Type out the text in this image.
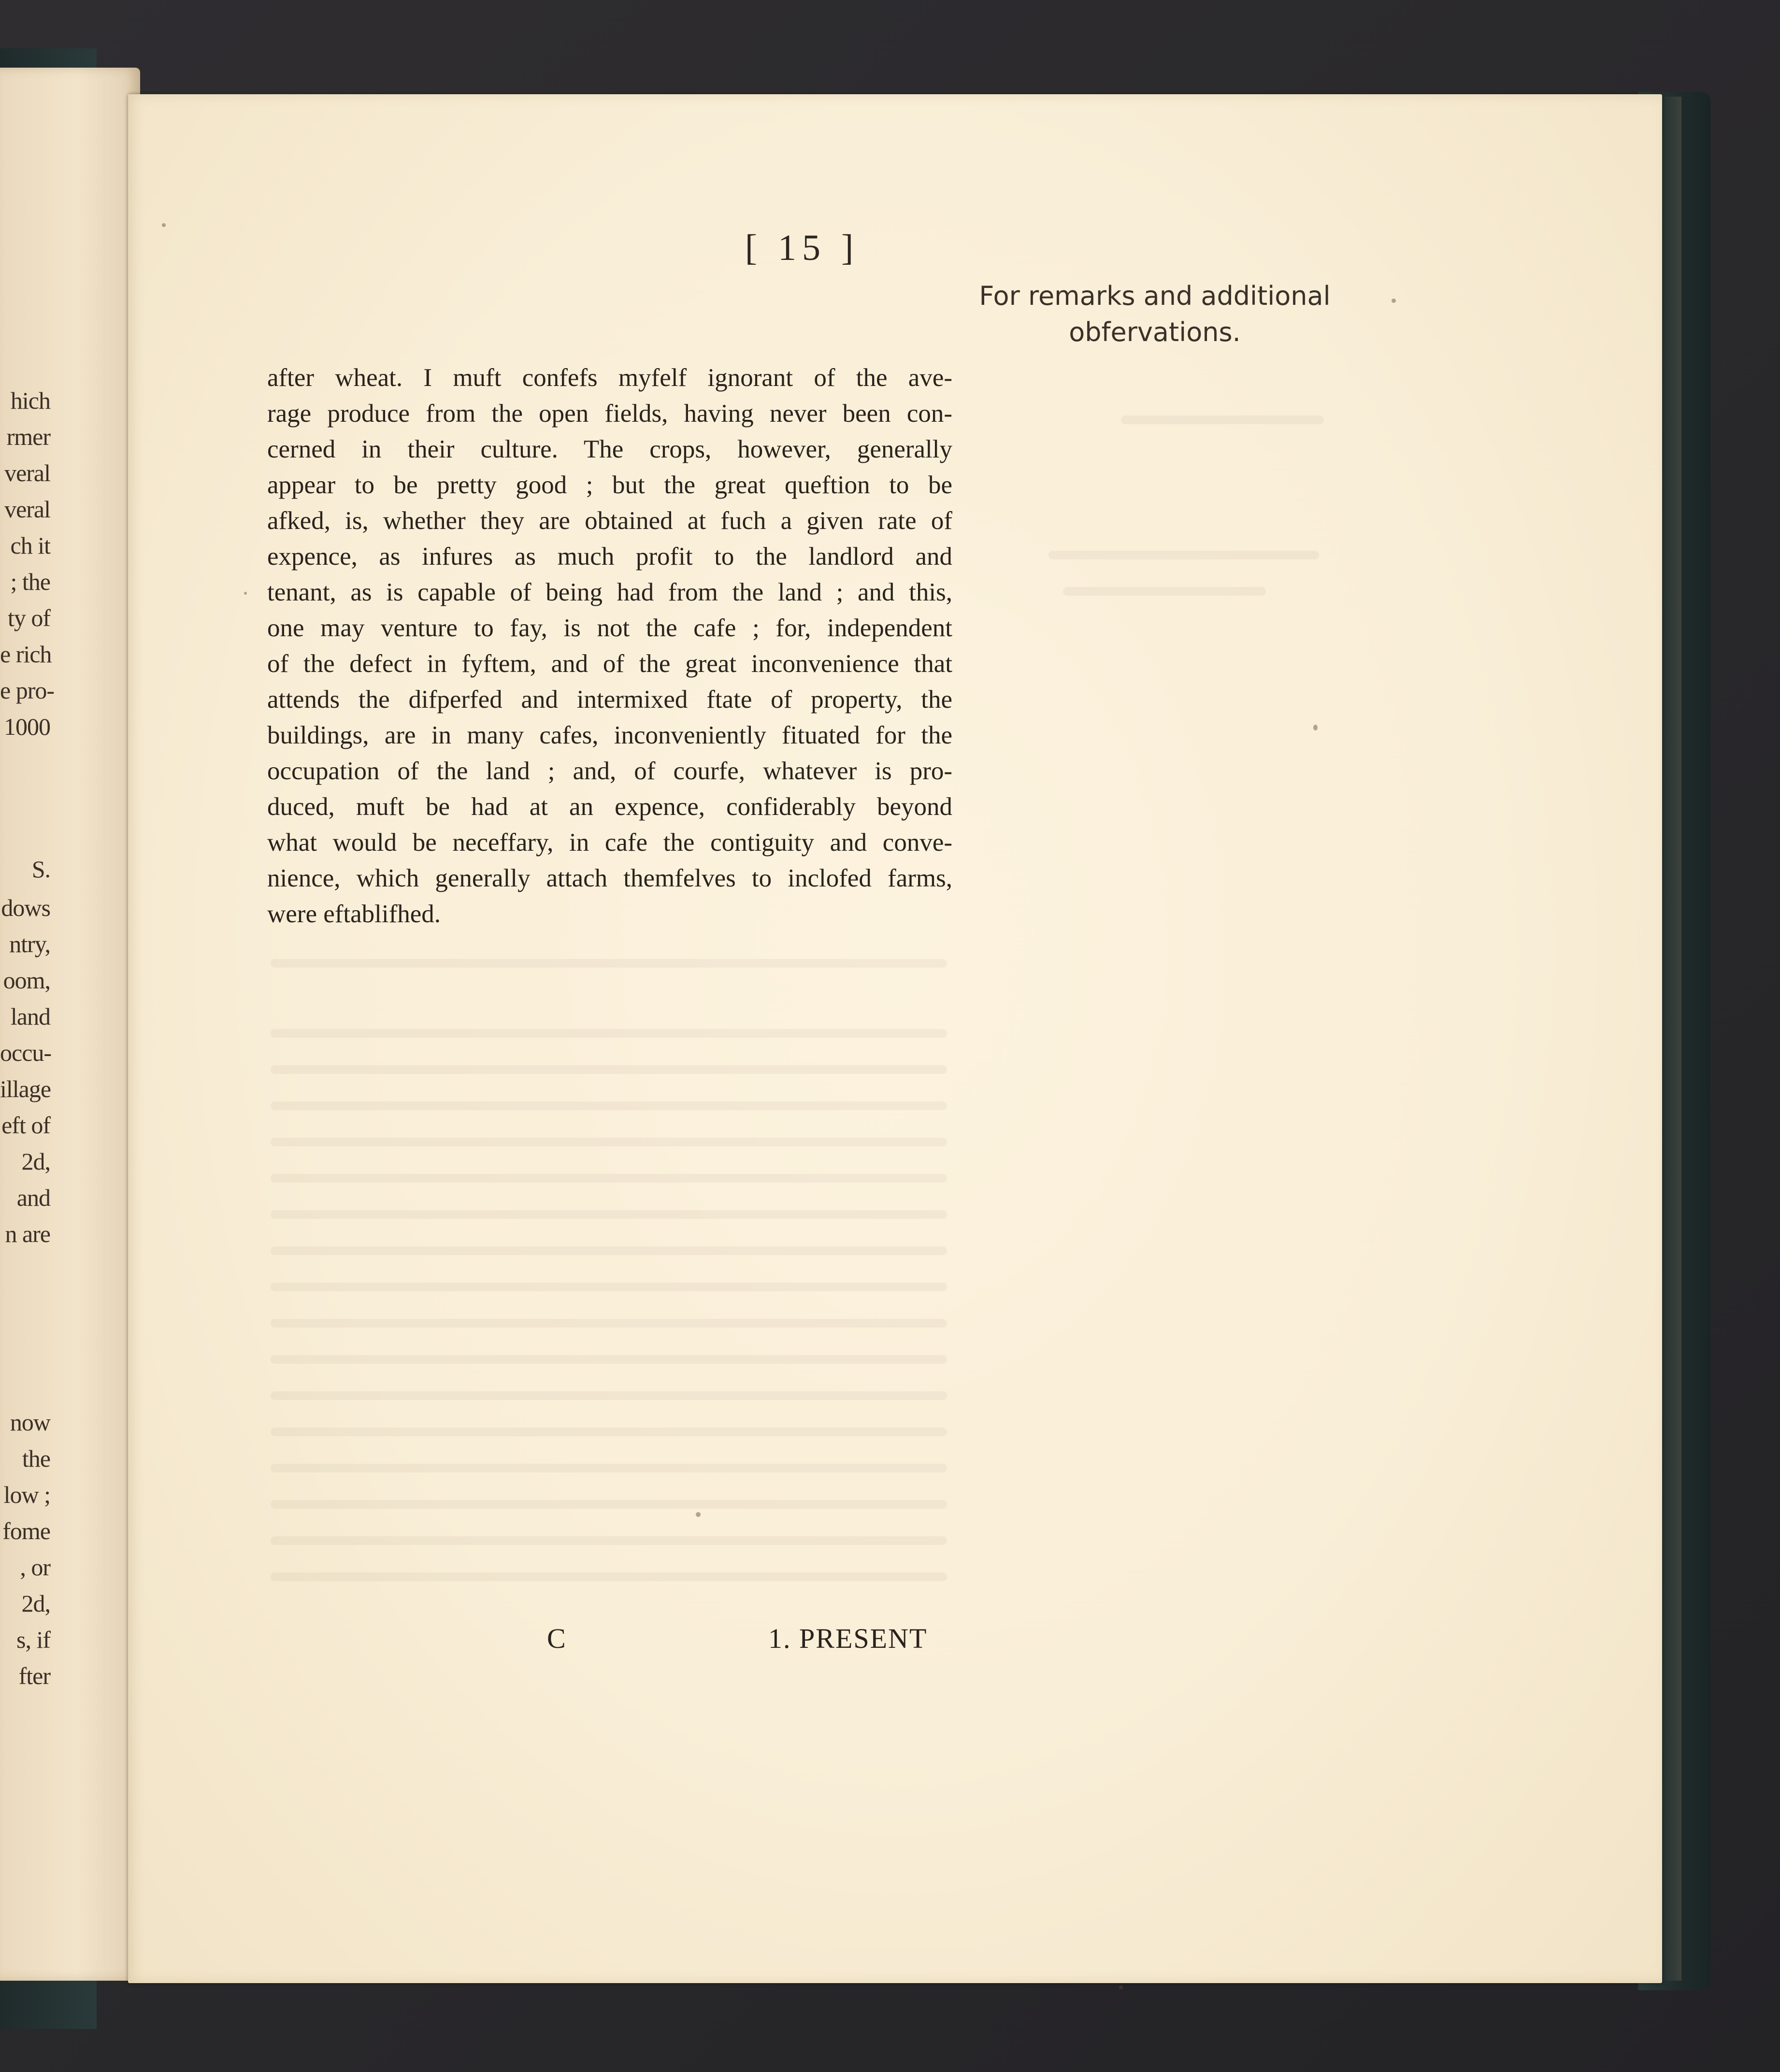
hich
rmer
veral
veral
ch it
; the
ty of
e rich
e pro-
1000
S.
dows
ntry,
oom,
land
occu-
illage
eft of
2d,
and
n are
now
the
low ;
fome
, or
2d,
s, if
fter
[ 15 ]
For remarks and additional
obfervations.
after wheat. I muft confefs myfelf ignorant of the ave-
rage produce from the open fields, having never been con-
cerned in their culture. The crops, however, generally
appear to be pretty good ; but the great queftion to be
afked, is, whether they are obtained at fuch a given rate of
expence, as infures as much profit to the landlord and
tenant, as is capable of being had from the land ; and this,
one may venture to fay, is not the cafe ; for, independent
of the defect in fyftem, and of the great inconvenience that
attends the difperfed and intermixed ftate of property, the
buildings, are in many cafes, inconveniently fituated for the
occupation of the land ; and, of courfe, whatever is pro-
duced, muft be had at an expence, confiderably beyond
what would be neceffary, in cafe the contiguity and conve-
nience, which generally attach themfelves to inclofed farms,
were eftablifhed.
C	1. PRESENT
